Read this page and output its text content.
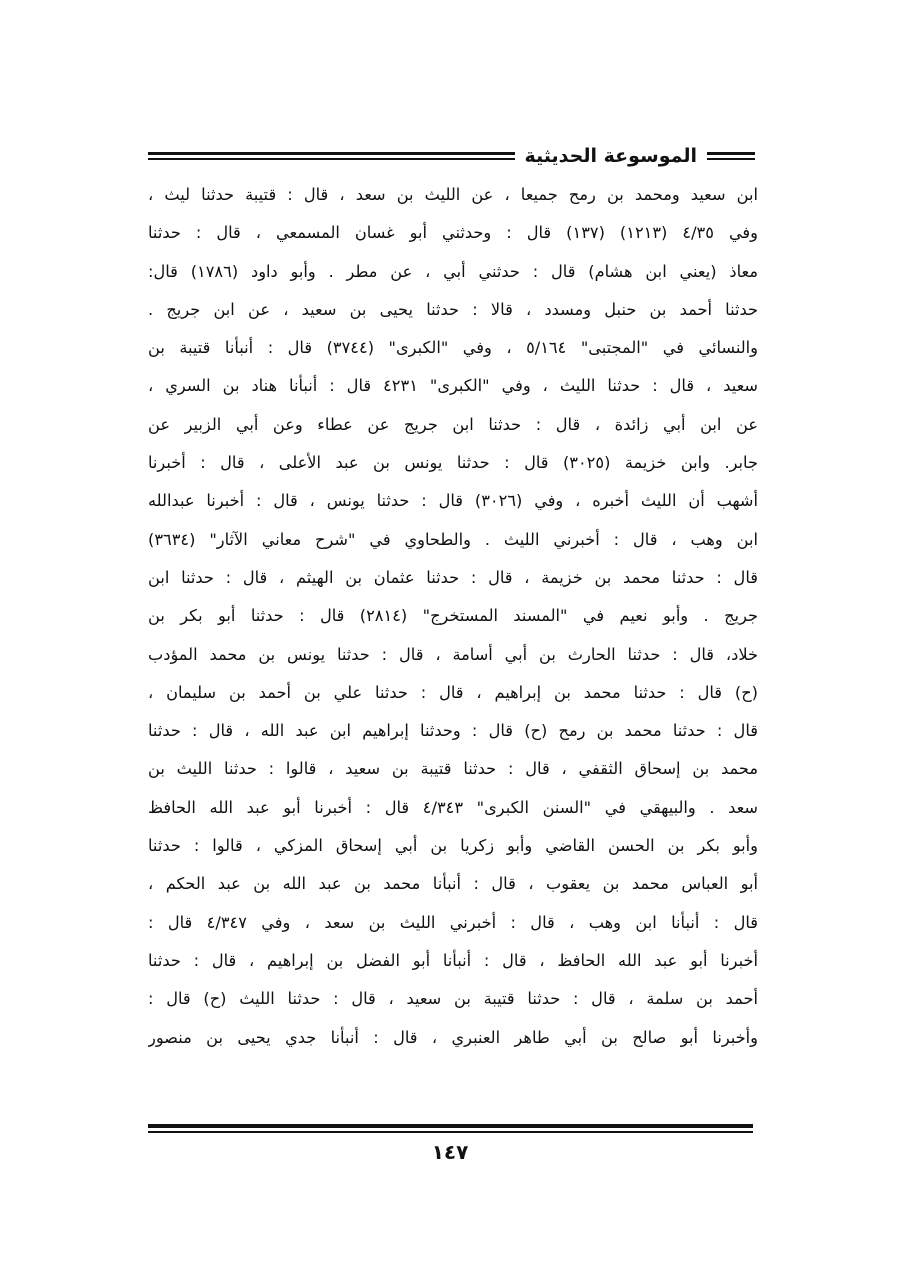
الموسوعة الحديثية
ابن سعيد ومحمد بن رمح جميعا ، عن الليث بن سعد ، قال : قتيبة حدثنا ليث ،
وفي ٤/٣٥ (١٢١٣) (١٣٧) قال : وحدثني أبو غسان المسمعي ، قال : حدثنا
معاذ (يعني ابن هشام) قال : حدثني أبي ، عن مطر . وأبو داود (١٧٨٦) قال:
حدثنا أحمد بن حنبل ومسدد ، قالا : حدثنا يحيى بن سعيد ، عن ابن جريج .
والنسائي في "المجتبى" ٥/١٦٤ ، وفي "الكبرى" (٣٧٤٤) قال : أنبأنا قتيبة بن
سعيد ، قال : حدثنا الليث ، وفي "الكبرى" ٤٢٣١ قال : أنبأنا هناد بن السري ،
عن ابن أبي زائدة ، قال : حدثنا ابن جريج عن عطاء وعن أبي الزبير عن
جابر. وابن خزيمة (٣٠٢٥) قال : حدثنا يونس بن عبد الأعلى ، قال : أخبرنا
أشهب أن الليث أخبره ، وفي (٣٠٢٦) قال : حدثنا يونس ، قال : أخبرنا عبدالله
ابن وهب ، قال : أخبرني الليث . والطحاوي في "شرح معاني الآثار" (٣٦٣٤)
قال : حدثنا محمد بن خزيمة ، قال : حدثنا عثمان بن الهيثم ، قال : حدثنا ابن
جريج . وأبو نعيم في "المسند المستخرج" (٢٨١٤) قال : حدثنا أبو بكر بن
خلاد، قال : حدثنا الحارث بن أبي أسامة ، قال : حدثنا يونس بن محمد المؤدب
(ح) قال : حدثنا محمد بن إبراهيم ، قال : حدثنا علي بن أحمد بن سليمان ،
قال : حدثنا محمد بن رمح (ح) قال : وحدثنا إبراهيم ابن عبد الله ، قال : حدثنا
محمد بن إسحاق الثقفي ، قال : حدثنا قتيبة بن سعيد ، قالوا : حدثنا الليث بن
سعد . والبيهقي في "السنن الكبرى" ٤/٣٤٣ قال : أخبرنا أبو عبد الله الحافظ
وأبو بكر بن الحسن القاضي وأبو زكريا بن أبي إسحاق المزكي ، قالوا : حدثنا
أبو العباس محمد بن يعقوب ، قال : أنبأنا محمد بن عبد الله بن عبد الحكم ،
قال : أنبأنا ابن وهب ، قال : أخبرني الليث بن سعد ، وفي ٤/٣٤٧ قال :
أخبرنا أبو عبد الله الحافظ ، قال : أنبأنا أبو الفضل بن إبراهيم ، قال : حدثنا
أحمد بن سلمة ، قال : حدثنا قتيبة بن سعيد ، قال : حدثنا الليث (ح) قال :
وأخبرنا أبو صالح بن أبي طاهر العنبري ، قال : أنبأنا جدي يحيى بن منصور
١٤٧
